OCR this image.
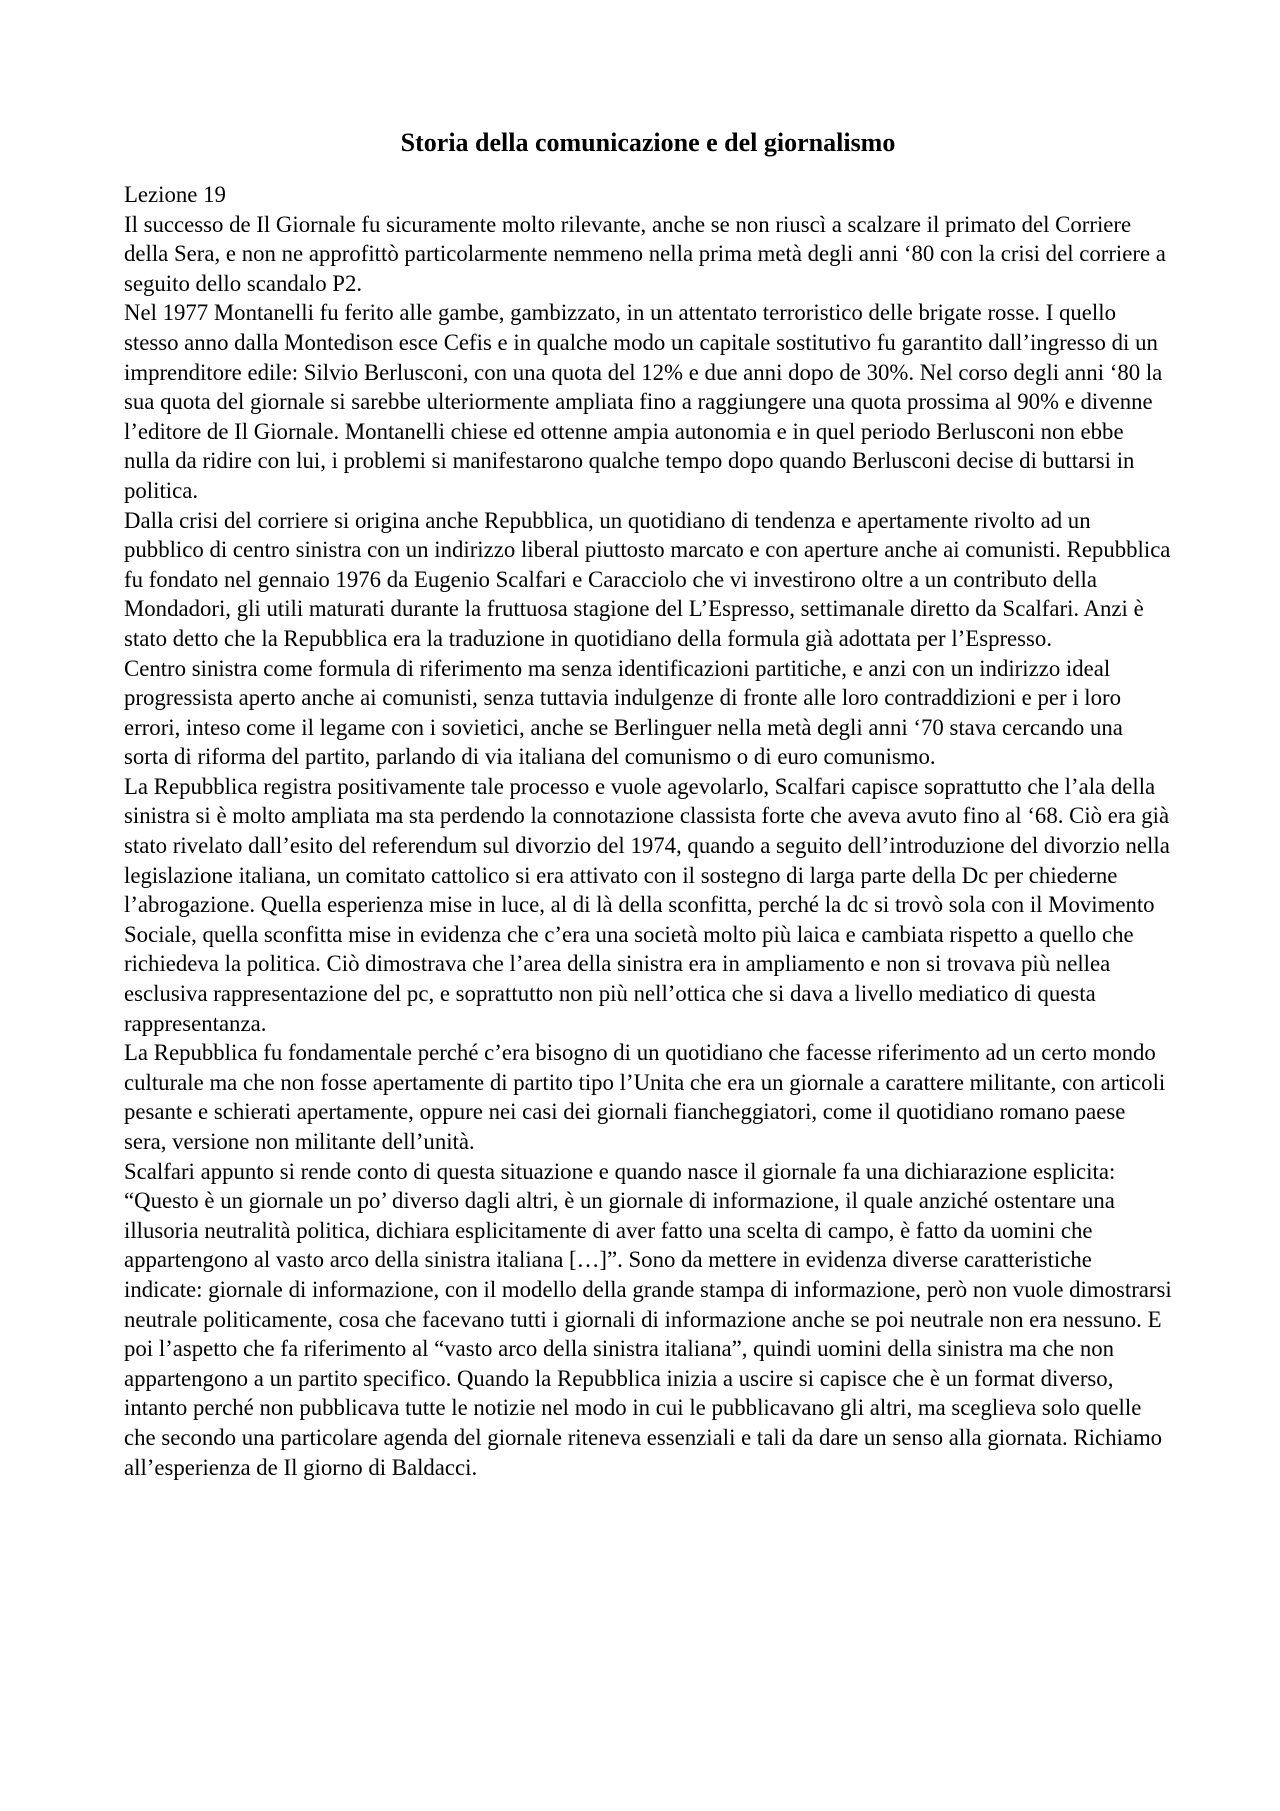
Storia della comunicazione e del giornalismo

Lezione 19

Il successo de Il Giornale fu sicuramente molto rilevante, anche se non riuscì a scalzare il primato del Corriere della Sera, e non ne approfittò particolarmente nemmeno nella prima metà degli anni ‘80 con la crisi del corriere a seguito dello scandalo P2.

Nel 1977 Montanelli fu ferito alle gambe, gambizzato, in un attentato terroristico delle brigate rosse. I quello stesso anno dalla Montedison esce Cefis e in qualche modo un capitale sostitutivo fu garantito dall’ingresso di un imprenditore edile: Silvio Berlusconi, con una quota del 12% e due anni dopo de 30%. Nel corso degli anni ‘80 la sua quota del giornale si sarebbe ulteriormente ampliata fino a raggiungere una quota prossima al 90% e divenne l’editore de Il Giornale. Montanelli chiese ed ottenne ampia autonomia e in quel periodo Berlusconi non ebbe nulla da ridire con lui, i problemi si manifestarono qualche tempo dopo quando Berlusconi decise di buttarsi in politica.

Dalla crisi del corriere si origina anche Repubblica, un quotidiano di tendenza e apertamente rivolto ad un pubblico di centro sinistra con un indirizzo liberal piuttosto marcato e con aperture anche ai comunisti. Repubblica fu fondato nel gennaio 1976 da Eugenio Scalfari e Caracciolo che vi investirono oltre a un contributo della Mondadori, gli utili maturati durante la fruttuosa stagione del L’Espresso, settimanale diretto da Scalfari. Anzi è stato detto che la Repubblica era la traduzione in quotidiano della formula già adottata per l’Espresso.

Centro sinistra come formula di riferimento ma senza identificazioni partitiche, e anzi con un indirizzo ideal progressista aperto anche ai comunisti, senza tuttavia indulgenze di fronte alle loro contraddizioni e per i loro errori, inteso come il legame con i sovietici, anche se Berlinguer nella metà degli anni ‘70 stava cercando una sorta di riforma del partito, parlando di via italiana del comunismo o di euro comunismo.

La Repubblica registra positivamente tale processo e vuole agevolarlo, Scalfari capisce soprattutto che l’ala della sinistra si è molto ampliata ma sta perdendo la connotazione classista forte che aveva avuto fino al ‘68. Ciò era già stato rivelato dall’esito del referendum sul divorzio del 1974, quando a seguito dell’introduzione del divorzio nella legislazione italiana, un comitato cattolico si era attivato con il sostegno di larga parte della Dc per chiederne l’abrogazione. Quella esperienza mise in luce, al di là della sconfitta, perché la dc si trovò sola con il Movimento Sociale, quella sconfitta mise in evidenza che c’era una società molto più laica e cambiata rispetto a quello che richiedeva la politica. Ciò dimostrava che l’area della sinistra era in ampliamento e non si trovava più nellea esclusiva rappresentazione del pc, e soprattutto non più nell’ottica che si dava a livello mediatico di questa rappresentanza.

La Repubblica fu fondamentale perché c’era bisogno di un quotidiano che facesse riferimento ad un certo mondo culturale ma che non fosse apertamente di partito tipo l’Unita che era un giornale a carattere militante, con articoli pesante e schierati apertamente, oppure nei casi dei giornali fiancheggiatori, come il quotidiano romano paese sera, versione non militante dell’unità.

Scalfari appunto si rende conto di questa situazione e quando nasce il giornale fa una dichiarazione esplicita: “Questo è un giornale un po’ diverso dagli altri, è un giornale di informazione, il quale anziché ostentare una illusoria neutralità politica, dichiara esplicitamente di aver fatto una scelta di campo, è fatto da uomini che appartengono al vasto arco della sinistra italiana […]”. Sono da mettere in evidenza diverse caratteristiche indicate: giornale di informazione, con il modello della grande stampa di informazione, però non vuole dimostrarsi neutrale politicamente, cosa che facevano tutti i giornali di informazione anche se poi neutrale non era nessuno. E poi l’aspetto che fa riferimento al “vasto arco della sinistra italiana”, quindi uomini della sinistra ma che non appartengono a un partito specifico. Quando la Repubblica inizia a uscire si capisce che è un format diverso, intanto perché non pubblicava tutte le notizie nel modo in cui le pubblicavano gli altri, ma sceglieva solo quelle che secondo una particolare agenda del giornale riteneva essenziali e tali da dare un senso alla giornata. Richiamo all’esperienza de Il giorno di Baldacci.
